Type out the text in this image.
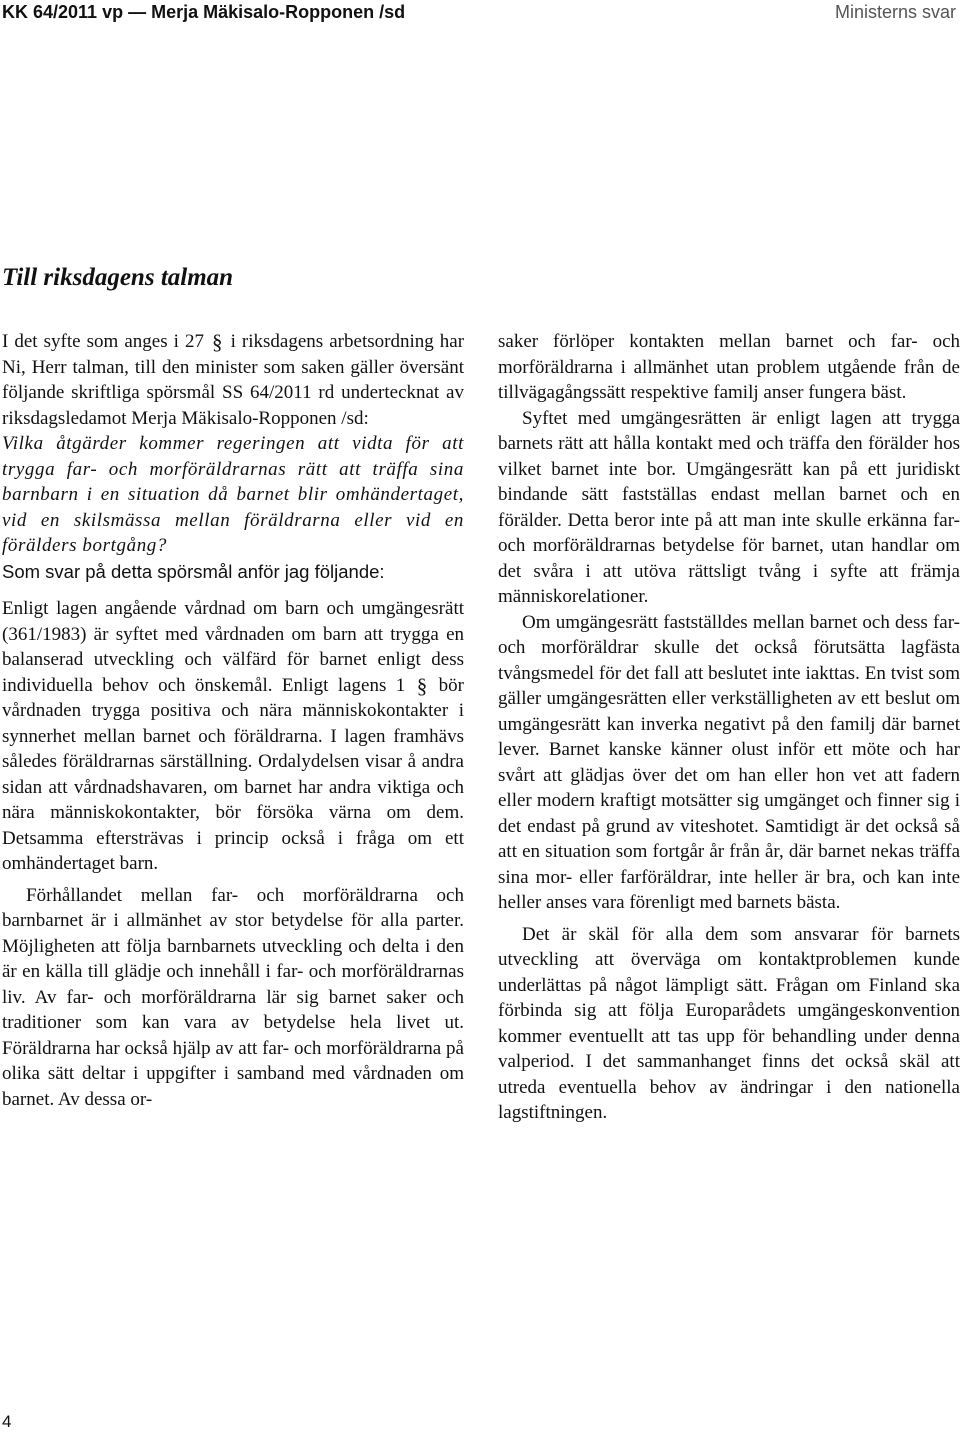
KK 64/2011 vp — Merja Mäkisalo-Ropponen /sd	Ministerns svar
Till riksdagens talman

I det syfte som anges i 27 § i riksdagens arbetsordning har Ni, Herr talman, till den minister som saken gäller översänt följande skriftliga spörsmål SS 64/2011 rd undertecknat av riksdagsledamot Merja Mäkisalo-Ropponen /sd:

Vilka åtgärder kommer regeringen att vidta för att trygga far- och morföräldrarnas rätt att träffa sina barnbarn i en situation då barnet blir omhändertaget, vid en skilsmässa mellan föräldrarna eller vid en förälders bortgång?

Som svar på detta spörsmål anför jag följande:

Enligt lagen angående vårdnad om barn och umgängesrätt (361/1983) är syftet med vårdnaden om barn att trygga en balanserad utveckling och välfärd för barnet enligt dess individuella behov och önskemål. Enligt lagens 1 § bör vårdnaden trygga positiva och nära människokontakter i synnerhet mellan barnet och föräldrarna. I lagen framhävs således föräldrarnas särställning. Ordalydelsen visar å andra sidan att vårdnadshavaren, om barnet har andra viktiga och nära människokontakter, bör försöka värna om dem. Detsamma eftersträvas i princip också i fråga om ett omhändertaget barn.

Förhållandet mellan far- och morföräldrarna och barnbarnet är i allmänhet av stor betydelse för alla parter. Möjligheten att följa barnbarnets utveckling och delta i den är en källa till glädje och innehåll i far- och morföräldrarnas liv. Av far- och morföräldrarna lär sig barnet saker och traditioner som kan vara av betydelse hela livet ut. Föräldrarna har också hjälp av att far- och morföräldrarna på olika sätt deltar i uppgifter i samband med vårdnaden om barnet. Av dessa or-

saker förlöper kontakten mellan barnet och far- och morföräldrarna i allmänhet utan problem utgående från de tillvägagångssätt respektive familj anser fungera bäst.

Syftet med umgängesrätten är enligt lagen att trygga barnets rätt att hålla kontakt med och träffa den förälder hos vilket barnet inte bor. Umgängesrätt kan på ett juridiskt bindande sätt fastställas endast mellan barnet och en förälder. Detta beror inte på att man inte skulle erkänna far- och morföräldrarnas betydelse för barnet, utan handlar om det svåra i att utöva rättsligt tvång i syfte att främja människorelationer.

Om umgängesrätt fastställdes mellan barnet och dess far- och morföräldrar skulle det också förutsätta lagfästa tvångsmedel för det fall att beslutet inte iakttas. En tvist som gäller umgängesrätten eller verkställigheten av ett beslut om umgängesrätt kan inverka negativt på den familj där barnet lever. Barnet kanske känner olust inför ett möte och har svårt att glädjas över det om han eller hon vet att fadern eller modern kraftigt motsätter sig umgänget och finner sig i det endast på grund av viteshotet. Samtidigt är det också så att en situation som fortgår år från år, där barnet nekas träffa sina mor- eller farföräldrar, inte heller är bra, och kan inte heller anses vara förenligt med barnets bästa.

Det är skäl för alla dem som ansvarar för barnets utveckling att överväga om kontaktproblemen kunde underlättas på något lämpligt sätt. Frågan om Finland ska förbinda sig att följa Europarådets umgängeskonvention kommer eventuellt att tas upp för behandling under denna valperiod. I det sammanhanget finns det också skäl att utreda eventuella behov av ändringar i den nationella lagstiftningen.

4
